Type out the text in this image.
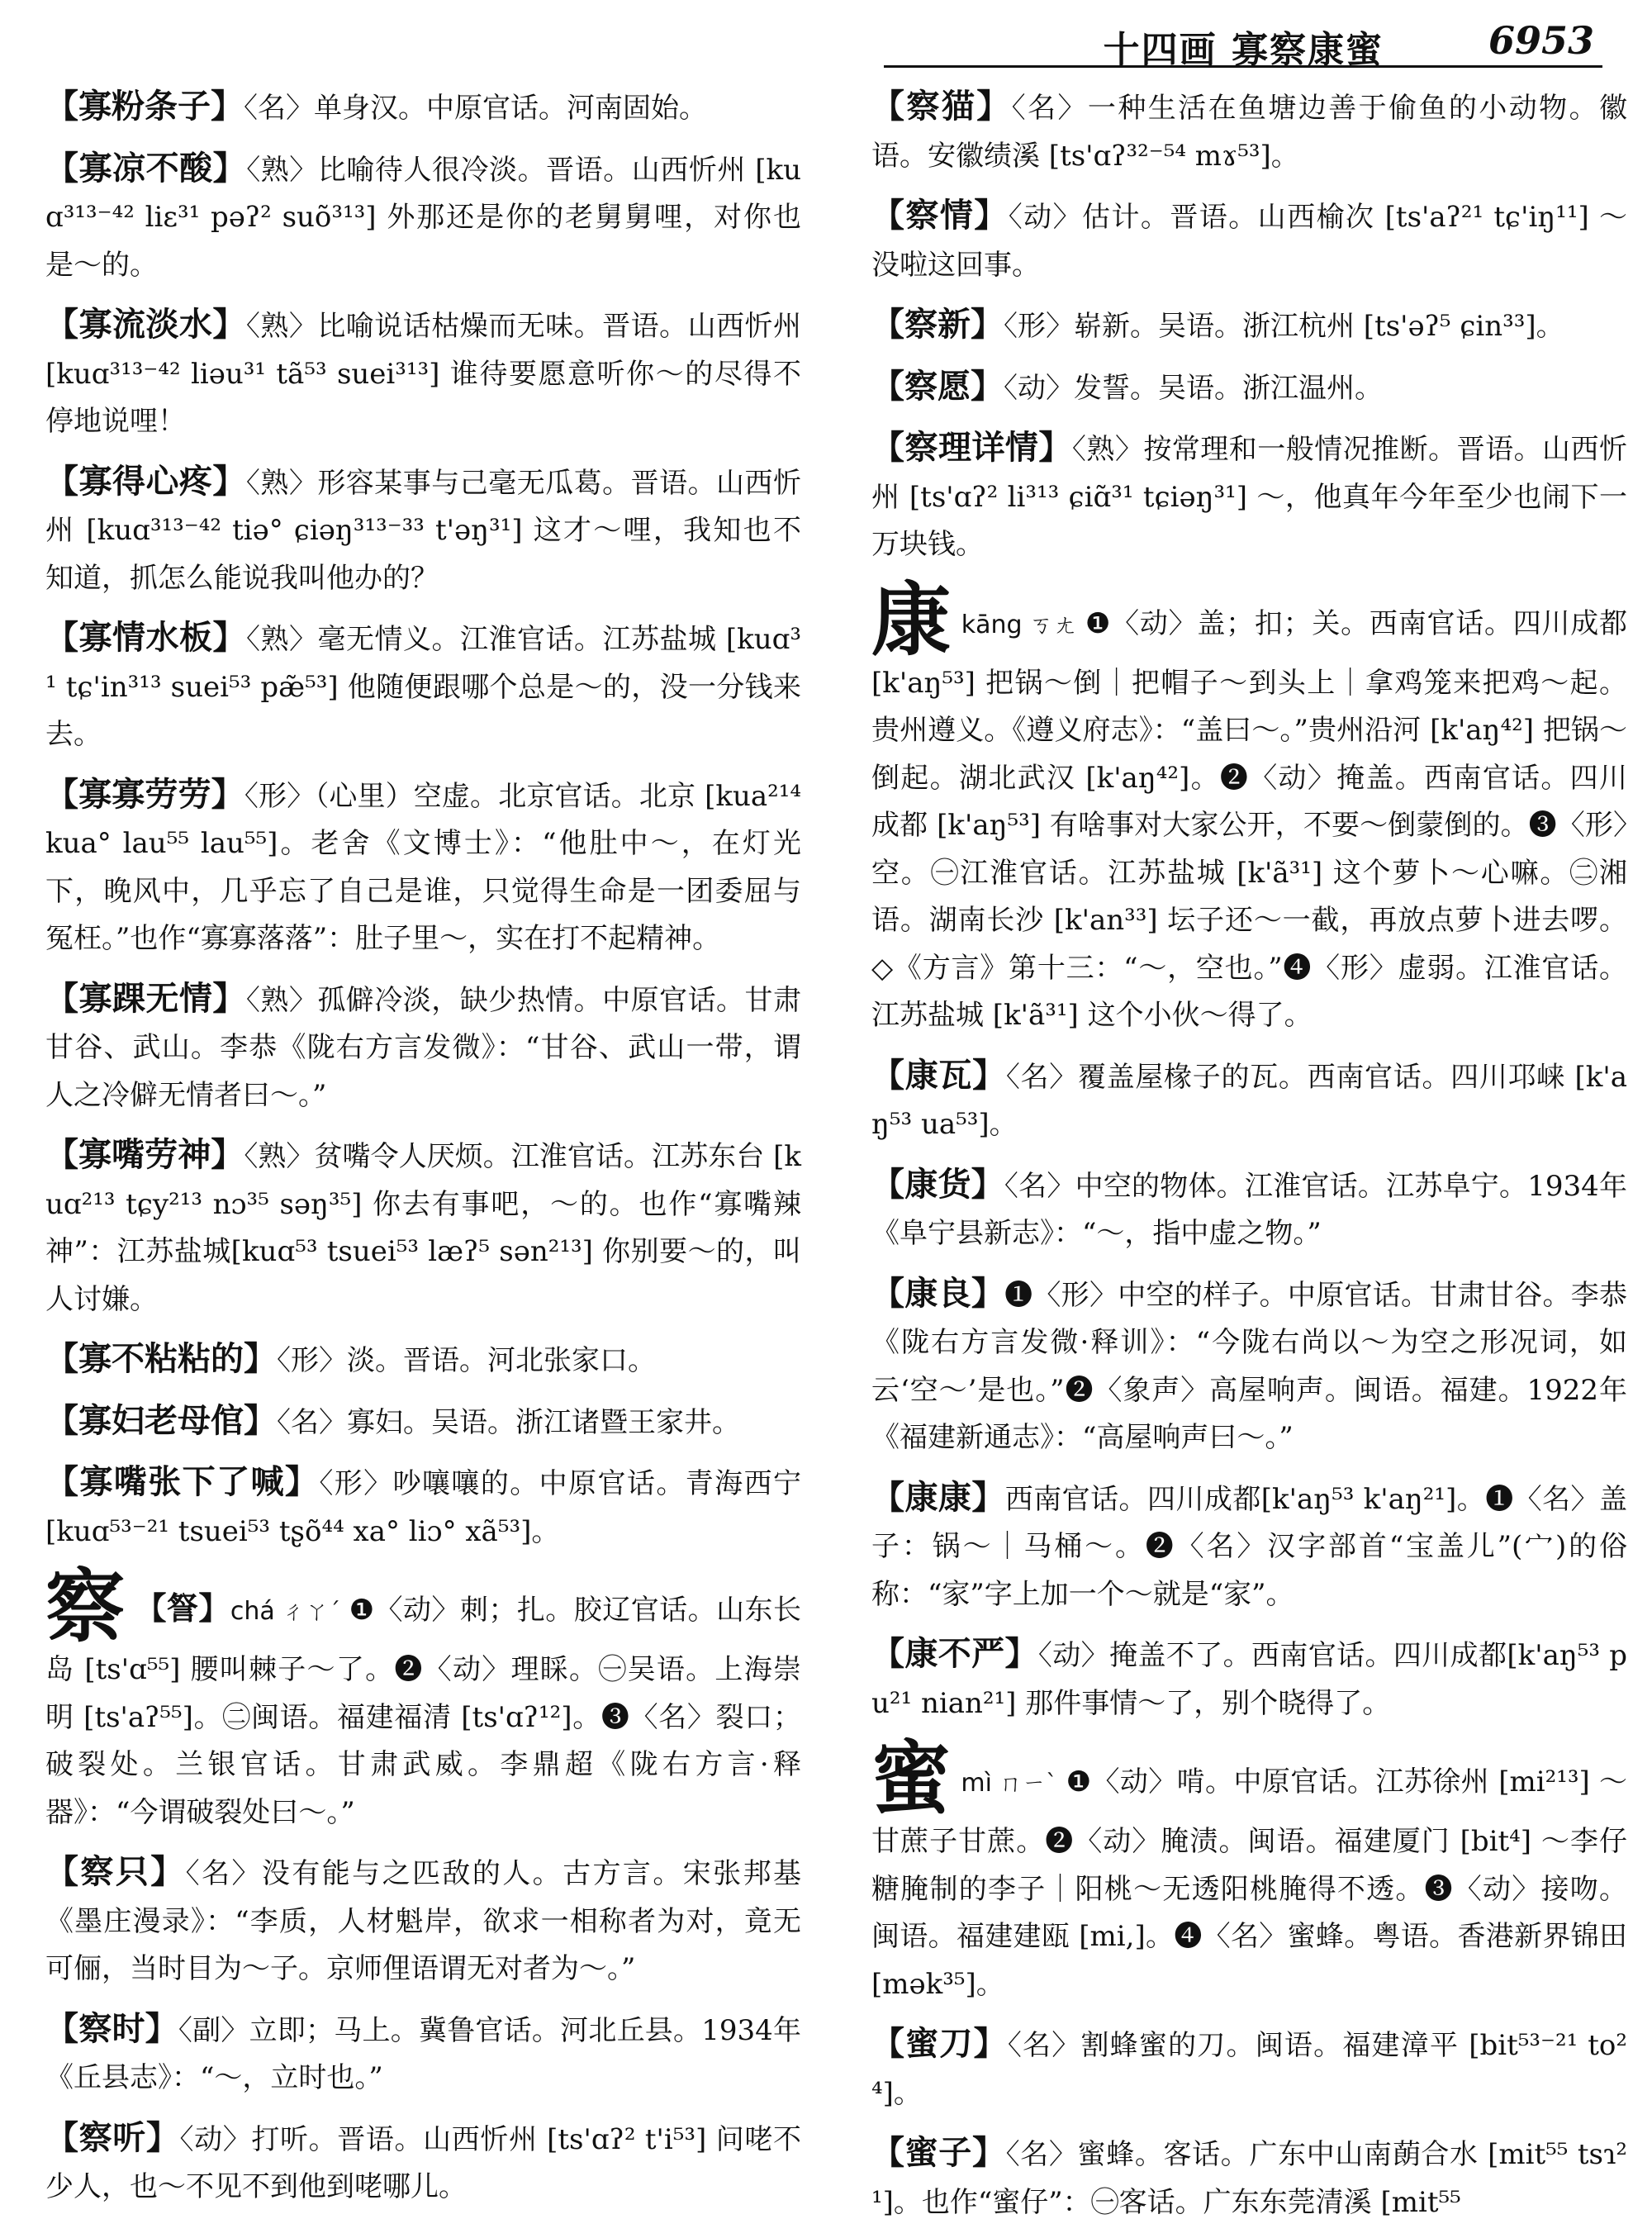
十四画 寡察康蜜	6953

【寡粉条子】〈名〉单身汉。中原官话。河南固始。

【寡凉不酸】〈熟〉比喻待人很冷淡。晋语。山西忻州 [kuɑ³¹³⁻⁴² liɛ³¹ pəʔ² suõ³¹³] 外那还是你的老舅舅哩，对你也是～的。

【寡流淡水】〈熟〉比喻说话枯燥而无味。晋语。山西忻州 [kuɑ³¹³⁻⁴² liəu³¹ tã⁵³ suei³¹³] 谁待要愿意听你～的尽得不停地说哩！

【寡得心疼】〈熟〉形容某事与己毫无瓜葛。晋语。山西忻州 [kuɑ³¹³⁻⁴² tiə° ɕiəŋ³¹³⁻³³ t'əŋ³¹] 这才～哩，我知也不知道，抓怎么能说我叫他办的？

【寡情水板】〈熟〉毫无情义。江淮官话。江苏盐城 [kuɑ³¹ tɕ'in³¹³ suei⁵³ pæ̃⁵³] 他随便跟哪个总是～的，没一分钱来去。

【寡寡劳劳】〈形〉（心里）空虚。北京官话。北京 [kua²¹⁴ kua° lau⁵⁵ lau⁵⁵]。老舍《文博士》：“他肚中～，在灯光下，晚风中，几乎忘了自己是谁，只觉得生命是一团委屈与冤枉。”也作“寡寡落落”：肚子里～，实在打不起精神。

【寡踝无情】〈熟〉孤僻冷淡，缺少热情。中原官话。甘肃甘谷、武山。李恭《陇右方言发微》：“甘谷、武山一带，谓人之冷僻无情者曰～。”

【寡嘴劳神】〈熟〉贫嘴令人厌烦。江淮官话。江苏东台 [kuɑ²¹³ tɕy²¹³ nɔ³⁵ səŋ³⁵] 你去有事吧，～的。也作“寡嘴辣神”：江苏盐城[kuɑ⁵³ tsuei⁵³ læʔ⁵ sən²¹³] 你别要～的，叫人讨嫌。

【寡不粘粘的】〈形〉淡。晋语。河北张家口。

【寡妇老母倌】〈名〉寡妇。吴语。浙江诸暨王家井。

【寡嘴张下了喊】〈形〉吵嚷嚷的。中原官话。青海西宁 [kuɑ⁵³⁻²¹ tsuei⁵³ tʂõ⁴⁴ xa° liɔ° xã⁵³]。

察 【詧】chá ㄔㄚˊ ❶〈动〉刺；扎。胶辽官话。山东长岛 [ts'ɑ⁵⁵] 腰叫棘子～了。❷〈动〉理睬。㊀吴语。上海崇明 [ts'aʔ⁵⁵]。㊁闽语。福建福清 [ts'ɑʔ¹²]。❸〈名〉裂口；破裂处。兰银官话。甘肃武威。李鼎超《陇右方言·释器》：“今谓破裂处曰～。”

【察只】〈名〉没有能与之匹敌的人。古方言。宋张邦基《墨庄漫录》：“李质，人材魁岸，欲求一相称者为对，竟无可俪，当时目为～子。京师俚语谓无对者为～。”

【察时】〈副〉立即；马上。冀鲁官话。河北丘县。1934年《丘县志》：“～，立时也。”

【察听】〈动〉打听。晋语。山西忻州 [ts'ɑʔ² t'i⁵³] 问咾不少人，也～不见不到他到咾哪儿。

【察猫】〈名〉一种生活在鱼塘边善于偷鱼的小动物。徽语。安徽绩溪 [ts'ɑʔ³²⁻⁵⁴ mɤ⁵³]。

【察情】〈动〉估计。晋语。山西榆次 [ts'aʔ²¹ tɕ'iŋ¹¹] ～没啦这回事。

【察新】〈形〉崭新。吴语。浙江杭州 [ts'əʔ⁵ ɕin³³]。

【察愿】〈动〉发誓。吴语。浙江温州。

【察理详情】〈熟〉按常理和一般情况推断。晋语。山西忻州 [ts'ɑʔ² li³¹³ ɕiɑ̃³¹ tɕiəŋ³¹] ～，他真年今年至少也闹下一万块钱。

康kāng ㄎㄤ ❶〈动〉盖；扣；关。西南官话。四川成都 [k'aŋ⁵³] 把锅～倒｜把帽子～到头上｜拿鸡笼来把鸡～起。贵州遵义。《遵义府志》：“盖曰～。”贵州沿河 [k'aŋ⁴²] 把锅～倒起。湖北武汉 [k'aŋ⁴²]。❷〈动〉掩盖。西南官话。四川成都 [k'aŋ⁵³] 有啥事对大家公开，不要～倒蒙倒的。❸〈形〉空。㊀江淮官话。江苏盐城 [k'ã³¹] 这个萝卜～心嘛。㊁湘语。湖南长沙 [k'an³³] 坛子还～一截，再放点萝卜进去啰。◇《方言》第十三：“～，空也。”❹〈形〉虚弱。江淮官话。江苏盐城 [k'ã³¹] 这个小伙～得了。

【康瓦】〈名〉覆盖屋椽子的瓦。西南官话。四川邛崃 [k'aŋ⁵³ ua⁵³]。

【康货】〈名〉中空的物体。江淮官话。江苏阜宁。1934年《阜宁县新志》：“～，指中虚之物。”

【康良】❶〈形〉中空的样子。中原官话。甘肃甘谷。李恭《陇右方言发微·释训》：“今陇右尚以～为空之形况词，如云‘空～’是也。”❷〈象声〉高屋响声。闽语。福建。1922年《福建新通志》：“高屋响声曰～。”

【康康】西南官话。四川成都[k'aŋ⁵³ k'aŋ²¹]。❶〈名〉盖子：锅～｜马桶～。❷〈名〉汉字部首“宝盖儿”(宀)的俗称：“家”字上加一个～就是“家”。

【康不严】〈动〉掩盖不了。西南官话。四川成都[k'aŋ⁵³ pu²¹ nian²¹] 那件事情～了，别个晓得了。

蜜mì ㄇㄧˋ ❶〈动〉啃。中原官话。江苏徐州 [mi²¹³] ～甘蔗子甘蔗。❷〈动〉腌渍。闽语。福建厦门 [bit⁴] ～李仔糖腌制的李子｜阳桃～无透阳桃腌得不透。❸〈动〉接吻。闽语。福建建瓯 [mi,]。❹〈名〉蜜蜂。粤语。香港新界锦田 [mək³⁵]。

【蜜刀】〈名〉割蜂蜜的刀。闽语。福建漳平 [bit⁵³⁻²¹ to²⁴]。

【蜜子】〈名〉蜜蜂。客话。广东中山南蓢合水 [mit⁵⁵ tsɿ²¹]。也作“蜜仔”：㊀客话。广东东莞清溪 [mit⁵⁵
